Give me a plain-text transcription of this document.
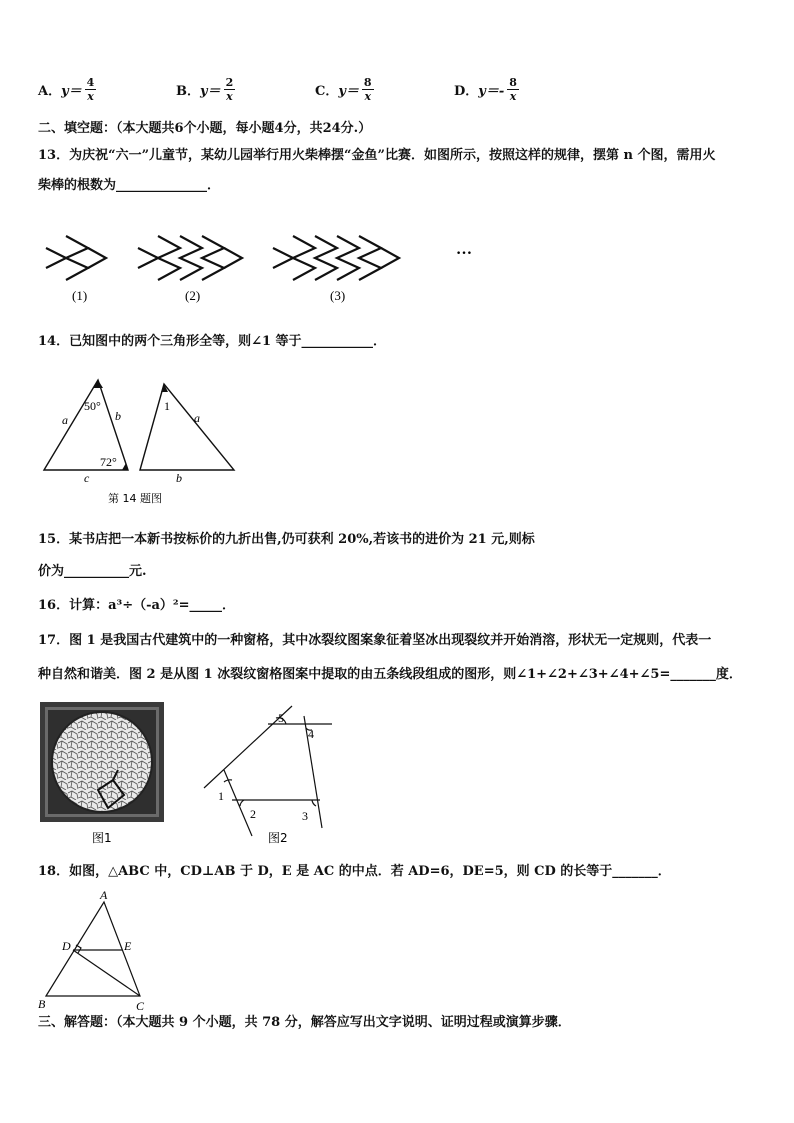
A． $y= \frac{4}{x}$	B． $y= \frac{2}{x}$	C． $y= \frac{8}{x}$	D． $y=- \frac{8}{x}$
二、填空题：（本大题共6个小题，每小题4分，共24分.）
13．为庆祝“六一”儿童节，某幼儿园举行用火柴棒摆“金鱼”比赛．如图所示，按照这样的规律，摆第 n 个图，需用火
柴棒的根数为______________．
(1)	(2)	(3)
…
14．已知图中的两个三角形全等，则∠1 等于___________．
50°
72°
a	b
c
1
a
b
第 14 题图
15．某书店把一本新书按标价的九折出售,仍可获利 20%,若该书的进价为 21 元,则标
价为__________元.
16．计算：a³÷（-a）²=_____．
17．图 1 是我国古代建筑中的一种窗格，其中冰裂纹图案象征着坚冰出现裂纹并开始消溶，形状无一定规则，代表一
种自然和谐美．图 2 是从图 1 冰裂纹窗格图案中提取的由五条线段组成的图形，则∠1+∠2+∠3+∠4+∠5=_______度．
图1
1
2	3
4
5
图2
18．如图，△ABC 中，CD⊥AB 于 D，E 是 AC 的中点．若 AD=6，DE=5，则 CD 的长等于_______．
A
B	C
D	E
三、解答题：（本大题共 9 个小题，共 78 分，解答应写出文字说明、证明过程或演算步骤．
